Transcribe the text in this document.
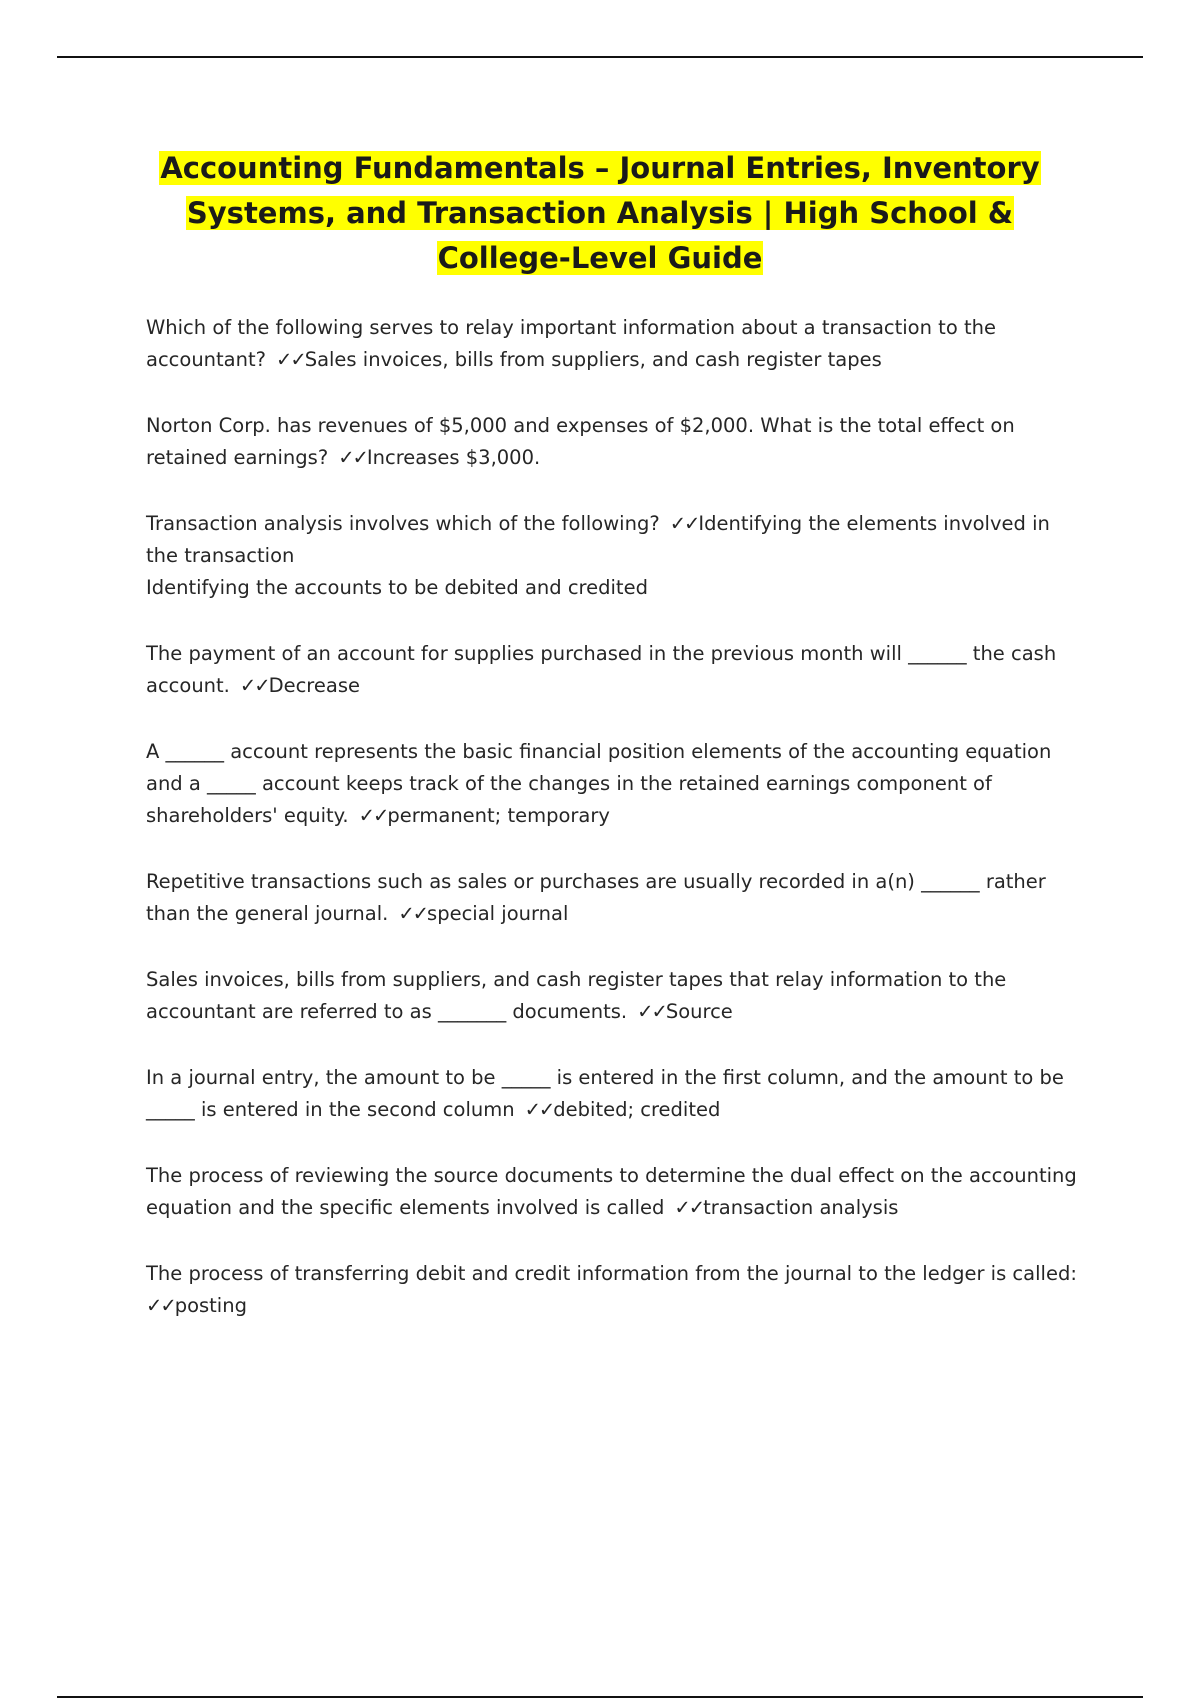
Accounting Fundamentals – Journal Entries, Inventory Systems, and Transaction Analysis | High School & College-Level Guide
Which of the following serves to relay important information about a transaction to the accountant? ✓✓Sales invoices, bills from suppliers, and cash register tapes
Norton Corp. has revenues of $5,000 and expenses of $2,000. What is the total effect on retained earnings? ✓✓Increases $3,000.
Transaction analysis involves which of the following? ✓✓Identifying the elements involved in the transaction
Identifying the accounts to be debited and credited
The payment of an account for supplies purchased in the previous month will ______ the cash account. ✓✓Decrease
A ______ account represents the basic financial position elements of the accounting equation and a _____ account keeps track of the changes in the retained earnings component of shareholders' equity. ✓✓permanent; temporary
Repetitive transactions such as sales or purchases are usually recorded in a(n) ______ rather than the general journal. ✓✓special journal
Sales invoices, bills from suppliers, and cash register tapes that relay information to the accountant are referred to as _______ documents. ✓✓Source
In a journal entry, the amount to be _____ is entered in the first column, and the amount to be _____ is entered in the second column ✓✓debited; credited
The process of reviewing the source documents to determine the dual effect on the accounting equation and the specific elements involved is called ✓✓transaction analysis
The process of transferring debit and credit information from the journal to the ledger is called:
✓✓posting
